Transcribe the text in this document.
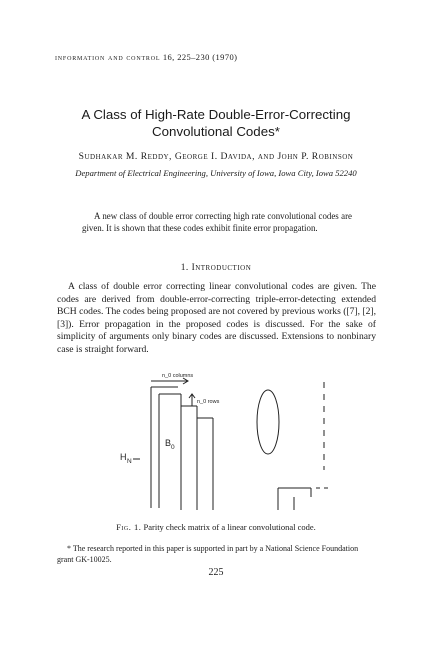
information and control 16, 225–230 (1970)
A Class of High-Rate Double-Error-Correcting
Convolutional Codes*
Sudhakar M. Reddy, George I. Davida, and John P. Robinson
Department of Electrical Engineering, University of Iowa, Iowa City, Iowa 52240
A new class of double error correcting high rate convolutional codes are given. It is shown that these codes exhibit finite error propagation.
1. Introduction
A class of double error correcting linear convolutional codes are given. The codes are derived from double-error-correcting triple-error-detecting extended BCH codes. The codes being proposed are not covered by previous works ([7], [2], [3]). Error propagation in the proposed codes is discussed. For the sake of simplicity of arguments only binary codes are discussed. Extensions to nonbinary case is straight forward.
n_0 columns
n_0 rows
H N
B 0
Fig. 1. Parity check matrix of a linear convolutional code.
* The research reported in this paper is supported in part by a National Science Foundation grant GK-10025.
225
